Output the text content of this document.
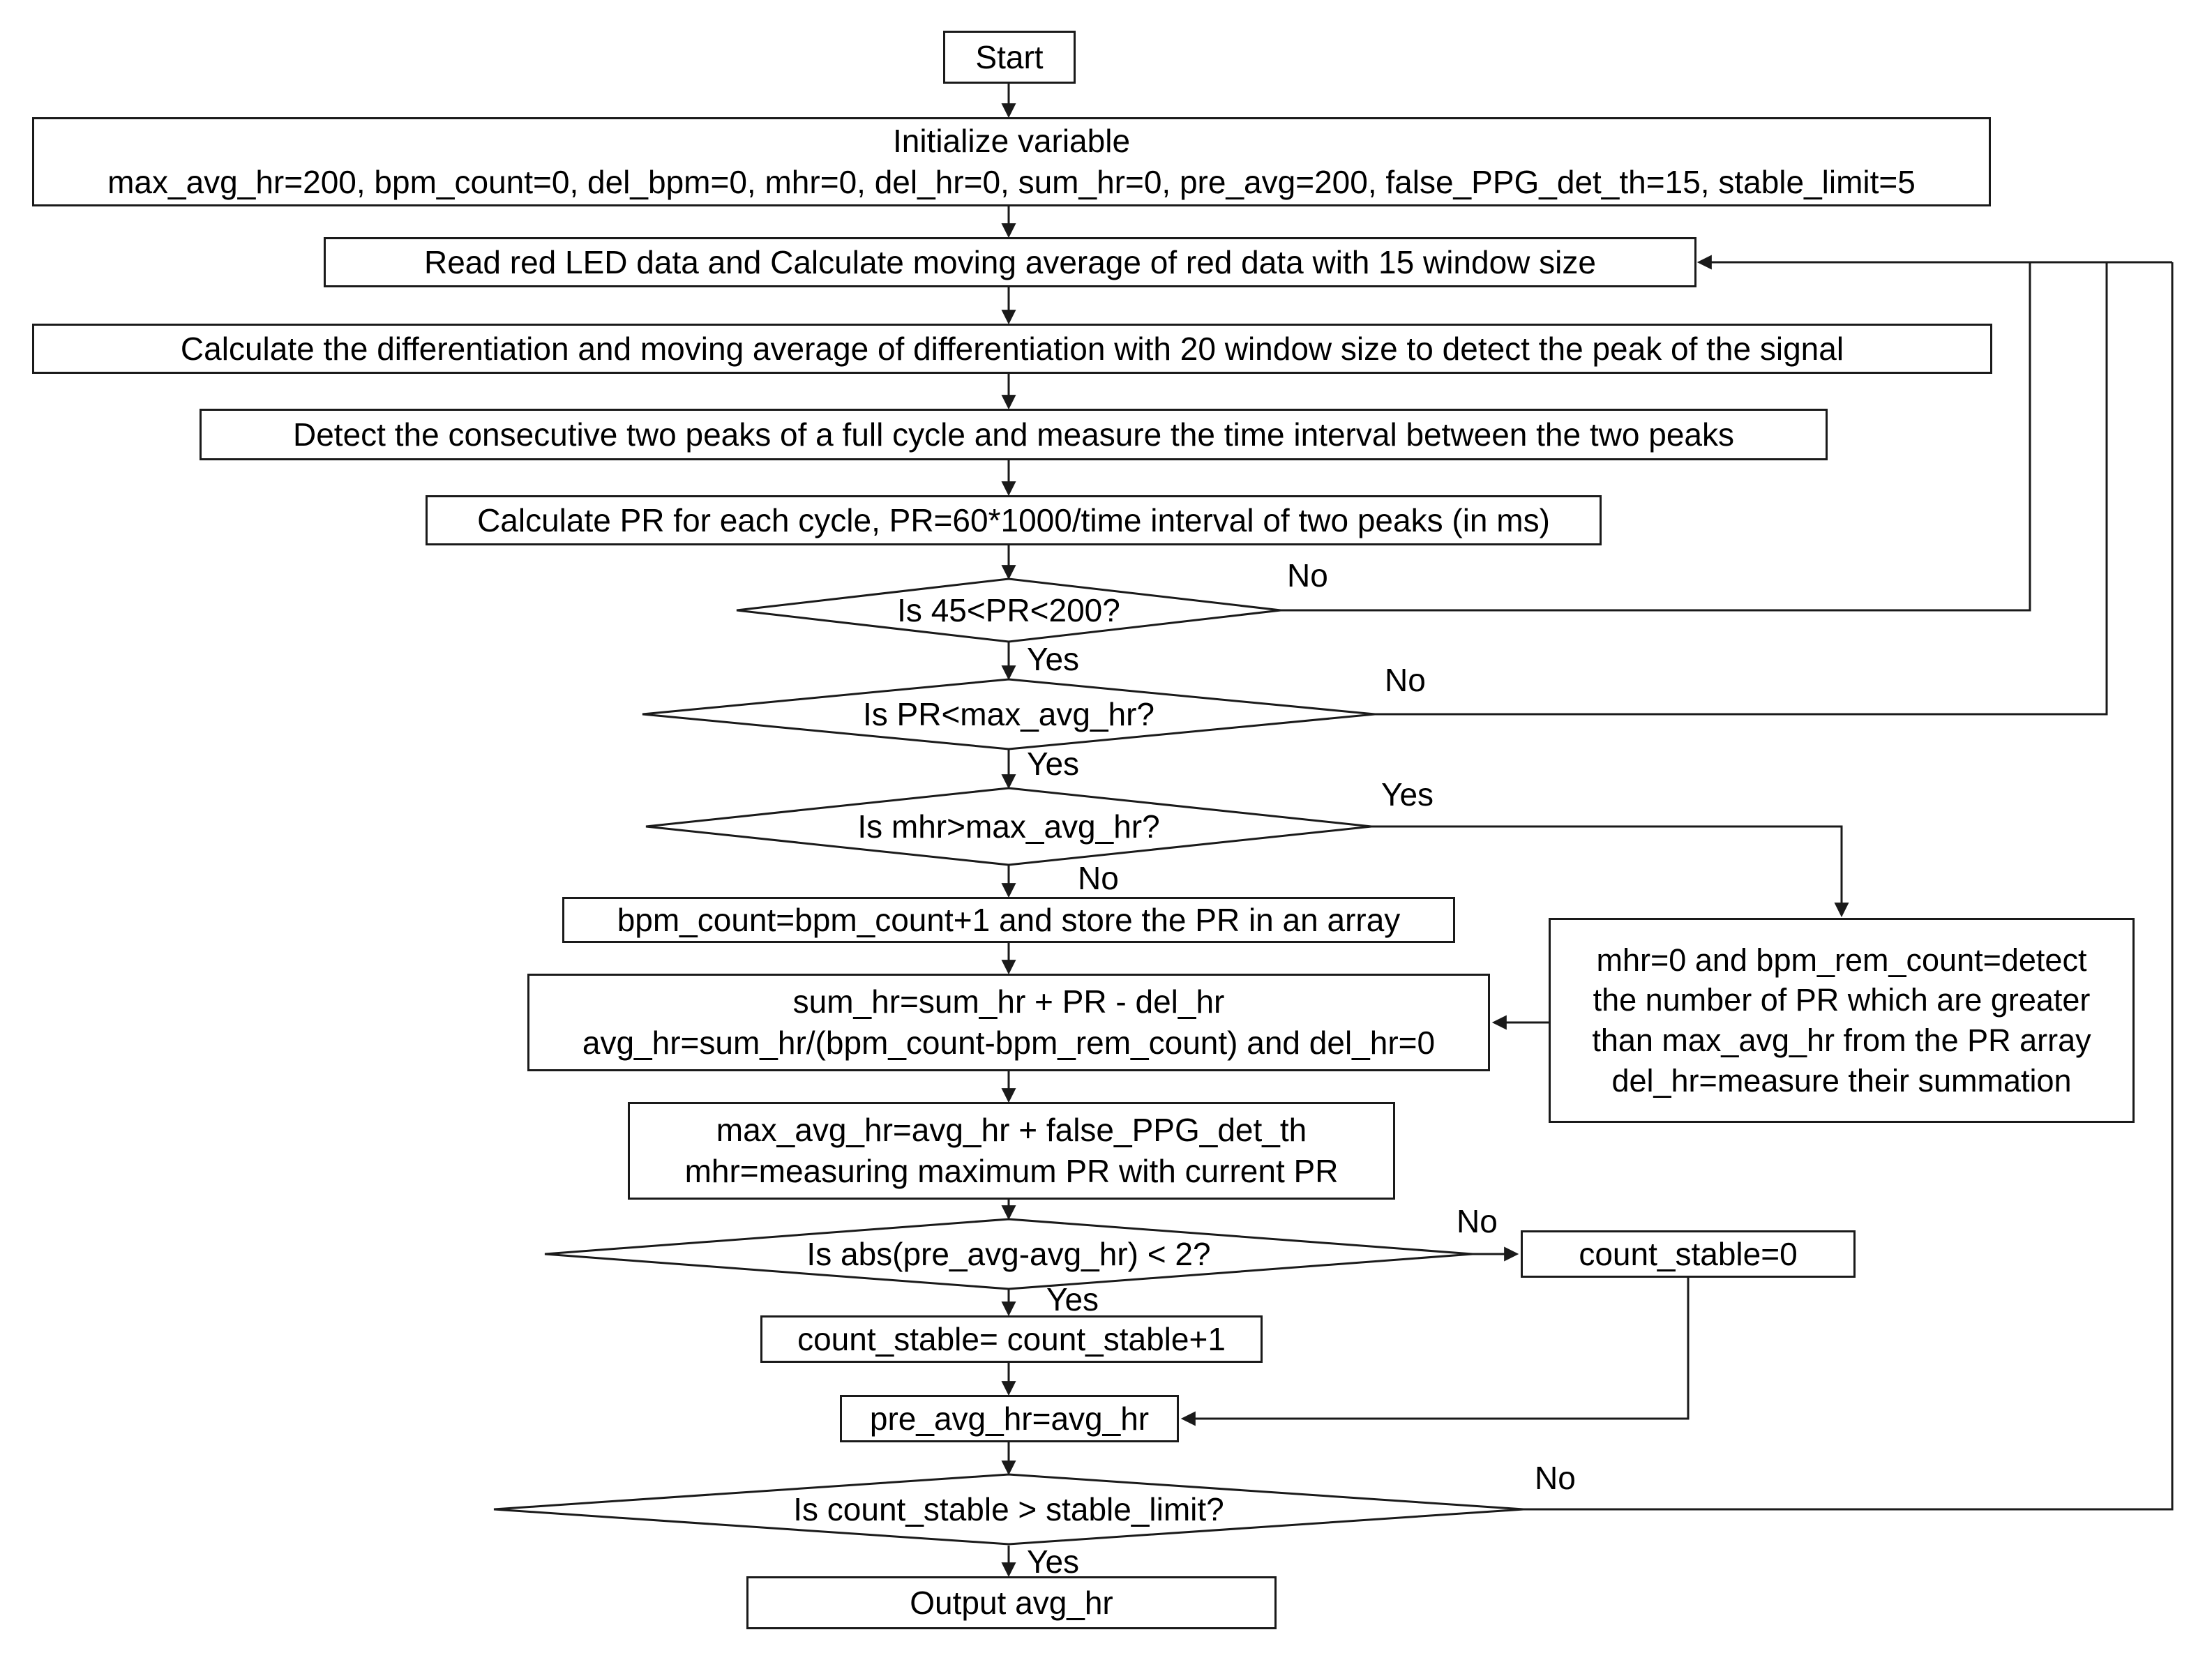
Start
Initialize variable
max_avg_hr=200, bpm_count=0, del_bpm=0, mhr=0, del_hr=0, sum_hr=0, pre_avg=200, false_PPG_det_th=15, stable_limit=5
Read red LED data and Calculate moving average of red data with 15 window size
Calculate the differentiation and moving average of differentiation with 20 window size to detect the peak of the signal
Detect the consecutive two peaks of a full cycle and measure the time interval between the two peaks
Calculate PR for each cycle, PR=60*1000/time interval of two peaks (in ms)
bpm_count=bpm_count+1 and store the PR in an array
sum_hr=sum_hr + PR - del_hr
avg_hr=sum_hr/(bpm_count-bpm_rem_count) and del_hr=0
mhr=0 and bpm_rem_count=detect
the number of PR which are greater
than max_avg_hr from the PR array
del_hr=measure their summation
max_avg_hr=avg_hr + false_PPG_det_th
mhr=measuring maximum PR with current PR
count_stable=0
count_stable= count_stable+1
pre_avg_hr=avg_hr
Output avg_hr
Is 45<PR<200?
Is PR<max_avg_hr?
Is mhr>max_avg_hr?
Is abs(pre_avg-avg_hr) < 2?
Is count_stable > stable_limit?
No
Yes
No
Yes
Yes
No
No
Yes
No
Yes
